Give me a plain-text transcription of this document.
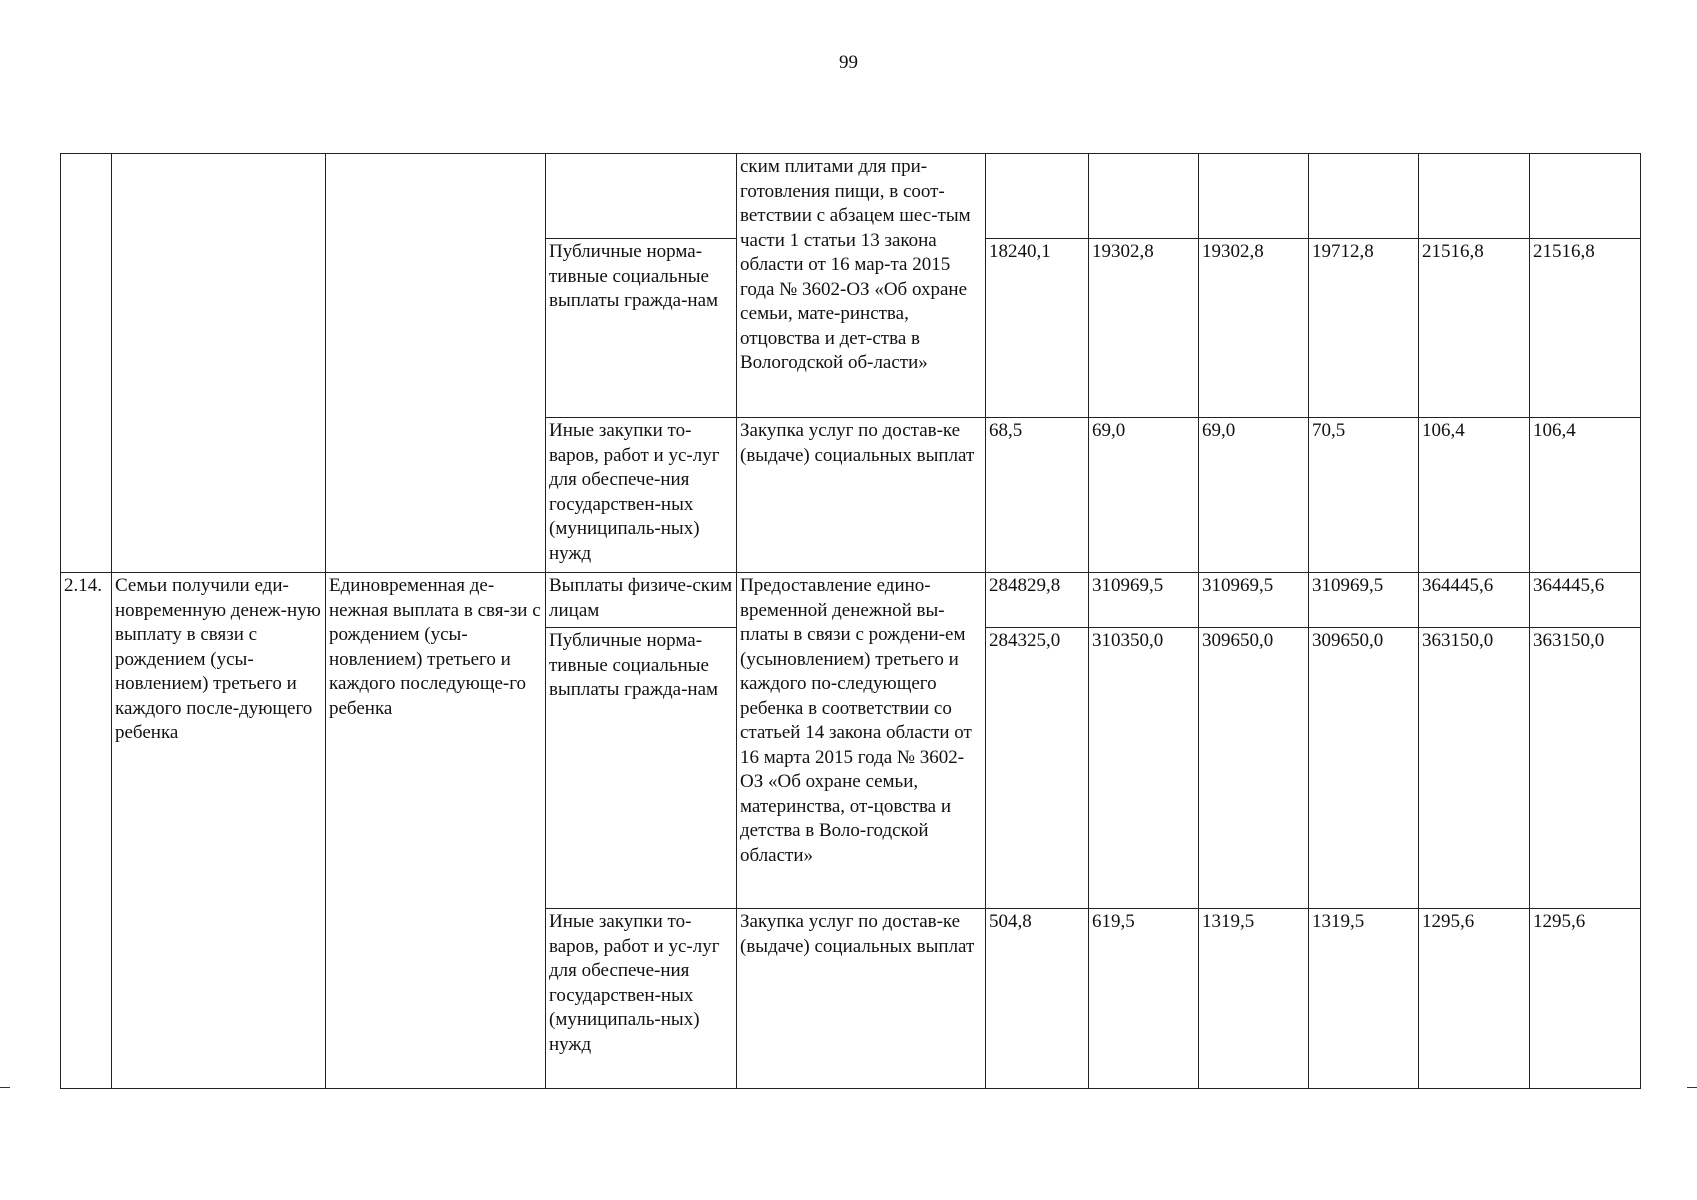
99
				ским плитами для при-готовления пищи, в соот-ветствии с абзацем шес-тым части 1 статьи 13 закона области от 16 мар-та 2015 года № 3602-ОЗ «Об охране семьи, мате-ринства, отцовства и дет-ства в Вологодской об-ласти»						
			Публичные норма-тивные социальные выплаты гражда-нам		18240,1	19302,8	19302,8	19712,8	21516,8	21516,8

			Иные закупки то-варов, работ и ус-луг для обеспече-ния государствен-ных (муниципаль-ных) нужд	Закупка услуг по достав-ке (выдаче) социальных выплат	68,5	69,0	69,0	70,5	106,4	106,4
2.14.	Семьи получили еди-новременную денеж-ную выплату в связи с рождением (усы-новлением) третьего и каждого после-дующего ребенка	Единовременная де-нежная выплата в свя-зи с рождением (усы-новлением) третьего и каждого последующе-го ребенка	Выплаты физиче-ским лицам	Предоставление едино-временной денежной вы-платы в связи с рождени-ем (усыновлением) третьего и каждого по-следующего ребенка в соответствии со статьей 14 закона области от 16 марта 2015 года № 3602-ОЗ «Об охране семьи, материнства, от-цовства и детства в Воло-годской области»	284829,8	310969,5	310969,5	310969,5	364445,6	364445,6
			Публичные норма-тивные социальные выплаты гражда-нам		284325,0	310350,0	309650,0	309650,0	363150,0	363150,0
			Иные закупки то-варов, работ и ус-луг для обеспече-ния государствен-ных (муниципаль-ных) нужд	Закупка услуг по достав-ке (выдаче) социальных выплат	504,8	619,5	1319,5	1319,5	1295,6	1295,6
